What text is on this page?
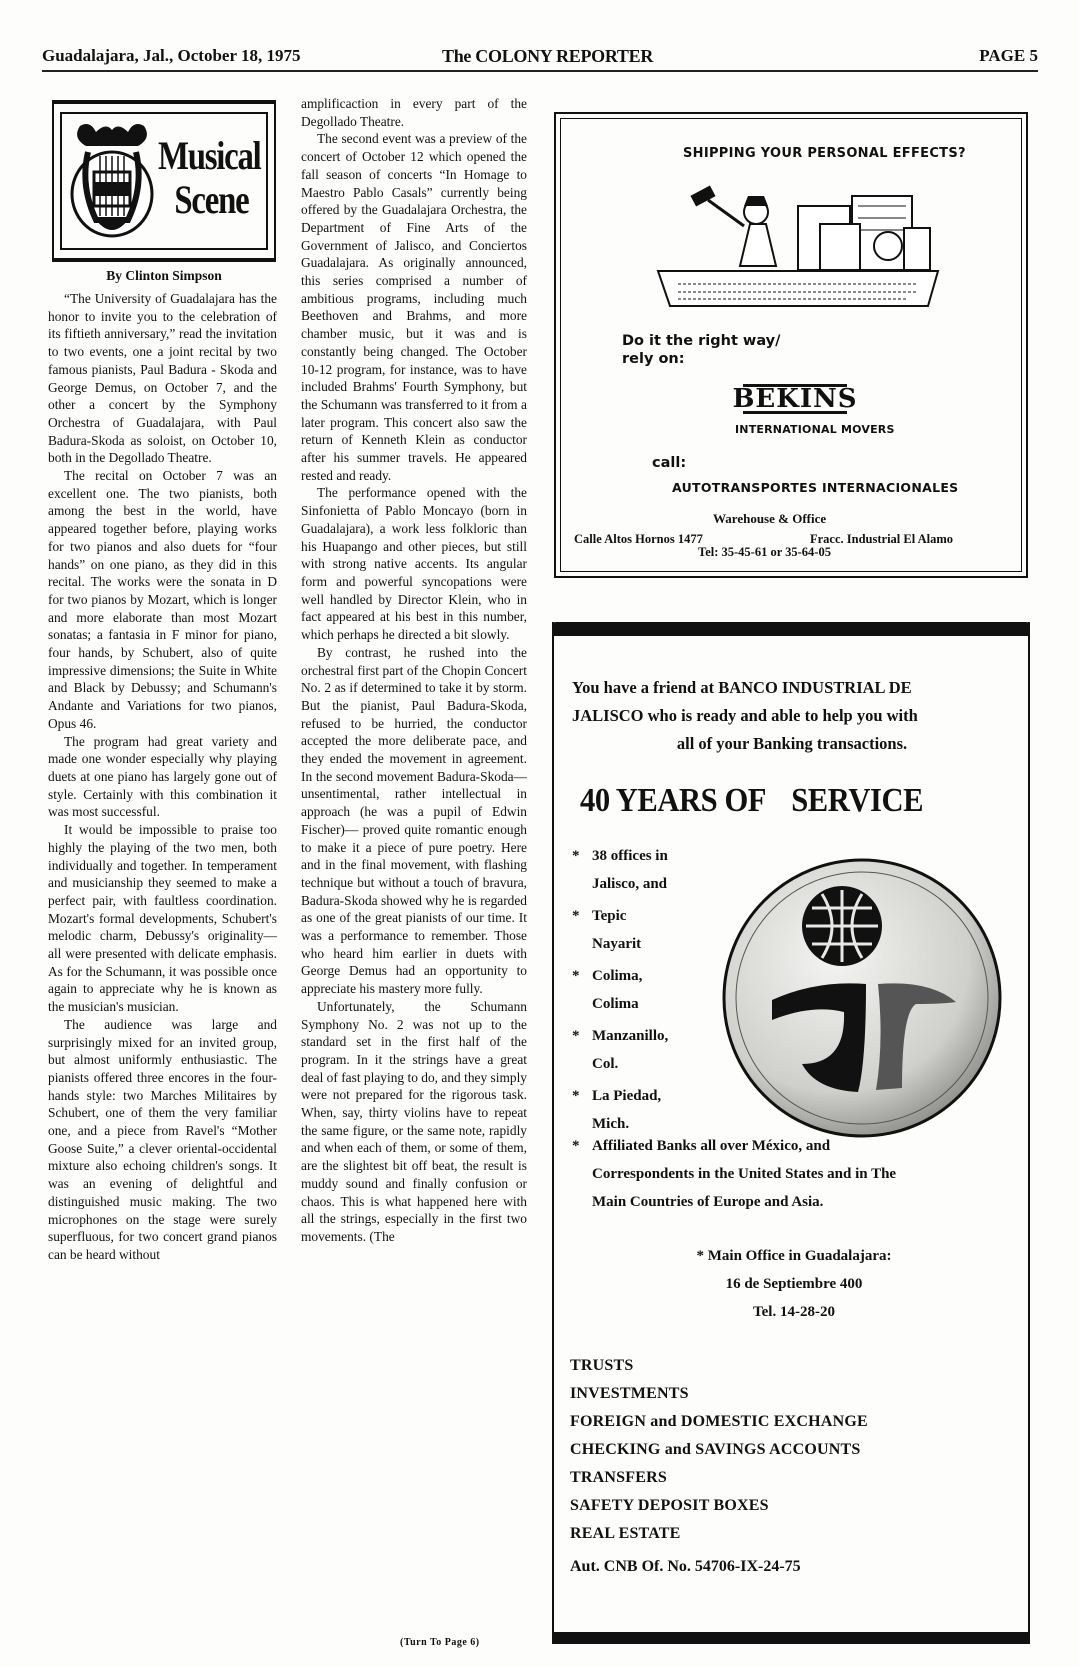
Guadalajara, Jal., October 18, 1975	The COLONY REPORTER	PAGE 5
Musical
Scene
By Clinton Simpson

“The University of Guadalajara has the honor to invite you to the celebration of its fiftieth anniversary,” read the invitation to two events, one a joint recital by two famous pianists, Paul Badura - Skoda and George Demus, on October 7, and the other a concert by the Symphony Orchestra of Guadalajara, with Paul Badura-Skoda as soloist, on October 10, both in the Degollado Theatre.

The recital on October 7 was an excellent one. The two pianists, both among the best in the world, have appeared together before, playing works for two pianos and also duets for “four hands” on one piano, as they did in this recital. The works were the sonata in D for two pianos by Mozart, which is longer and more elaborate than most Mozart sonatas; a fantasia in F minor for piano, four hands, by Schubert, also of quite impressive dimensions; the Suite in White and Black by Debussy; and Schumann's Andante and Variations for two pianos, Opus 46.

The program had great variety and made one wonder especially why playing duets at one piano has largely gone out of style. Certainly with this combination it was most successful.

It would be impossible to praise too highly the playing of the two men, both individually and together. In temperament and musicianship they seemed to make a perfect pair, with faultless coordination. Mozart's formal developments, Schubert's melodic charm, Debussy's originality— all were presented with delicate emphasis. As for the Schumann, it was possible once again to appreciate why he is known as the musician's musician.

The audience was large and surprisingly mixed for an invited group, but almost uniformly enthusiastic. The pianists offered three encores in the four-hands style: two Marches Militaires by Schubert, one of them the very familiar one, and a piece from Ravel's “Mother Goose Suite,” a clever oriental-occidental mixture also echoing children's songs. It was an evening of delightful and distinguished music making. The two microphones on the stage were surely superfluous, for two concert grand pianos can be heard without

amplificaction in every part of the Degollado Theatre.

The second event was a preview of the concert of October 12 which opened the fall season of concerts “In Homage to Maestro Pablo Casals” currently being offered by the Guadalajara Orchestra, the Department of Fine Arts of the Government of Jalisco, and Conciertos Guadalajara. As originally announced, this series comprised a number of ambitious programs, including much Beethoven and Brahms, and more chamber music, but it was and is constantly being changed. The October 10-12 program, for instance, was to have included Brahms' Fourth Symphony, but the Schumann was transferred to it from a later program. This concert also saw the return of Kenneth Klein as conductor after his summer travels. He appeared rested and ready.

The performance opened with the Sinfonietta of Pablo Moncayo (born in Guadalajara), a work less folkloric than his Huapango and other pieces, but still with strong native accents. Its angular form and powerful syncopations were well handled by Director Klein, who in fact appeared at his best in this number, which perhaps he directed a bit slowly.

By contrast, he rushed into the orchestral first part of the Chopin Concert No. 2 as if determined to take it by storm. But the pianist, Paul Badura-Skoda, refused to be hurried, the conductor accepted the more deliberate pace, and they ended the movement in agreement. In the second movement Badura-Skoda— unsentimental, rather intellectual in approach (he was a pupil of Edwin Fischer)— proved quite romantic enough to make it a piece of pure poetry. Here and in the final movement, with flashing technique but without a touch of bravura, Badura-Skoda showed why he is regarded as one of the great pianists of our time. It was a performance to remember. Those who heard him earlier in duets with George Demus had an opportunity to appreciate his mastery more fully.

Unfortunately, the Schumann Symphony No. 2 was not up to the standard set in the first half of the program. In it the strings have a great deal of fast playing to do, and they simply were not prepared for the rigorous task. When, say, thirty violins have to repeat the same figure, or the same note, rapidly and when each of them, or some of them, are the slightest bit off beat, the result is muddy sound and finally confusion or chaos. This is what happened here with all the strings, especially in the first two movements. (The

(Turn To Page 6)
SHIPPING YOUR PERSONAL EFFECTS?
Do it the right way/
rely on:
BEKINS
INTERNATIONAL MOVERS
call:
AUTOTRANSPORTES INTERNACIONALES
Warehouse & Office
Calle Altos Hornos 1477	Fracc. Industrial El Alamo
Tel: 35-45-61 or 35-64-05
You have a friend at BANCO INDUSTRIAL DE
JALISCO who is ready and able to help you with
all of your Banking transactions.
40 YEARS OF SERVICE
* 38 offices in
Jalisco, and
* Tepic
Nayarit
* Colima,
Colima
* Manzanillo,
Col.
* La Piedad,
Mich.
* Affiliated Banks all over México, and
Correspondents in the United States and in The
Main Countries of Europe and Asia.
* Main Office in Guadalajara:
16 de Septiembre 400
Tel. 14-28-20
TRUSTS
INVESTMENTS
FOREIGN and DOMESTIC EXCHANGE
CHECKING and SAVINGS ACCOUNTS
TRANSFERS
SAFETY DEPOSIT BOXES
REAL ESTATE
Aut. CNB Of. No. 54706-IX-24-75
